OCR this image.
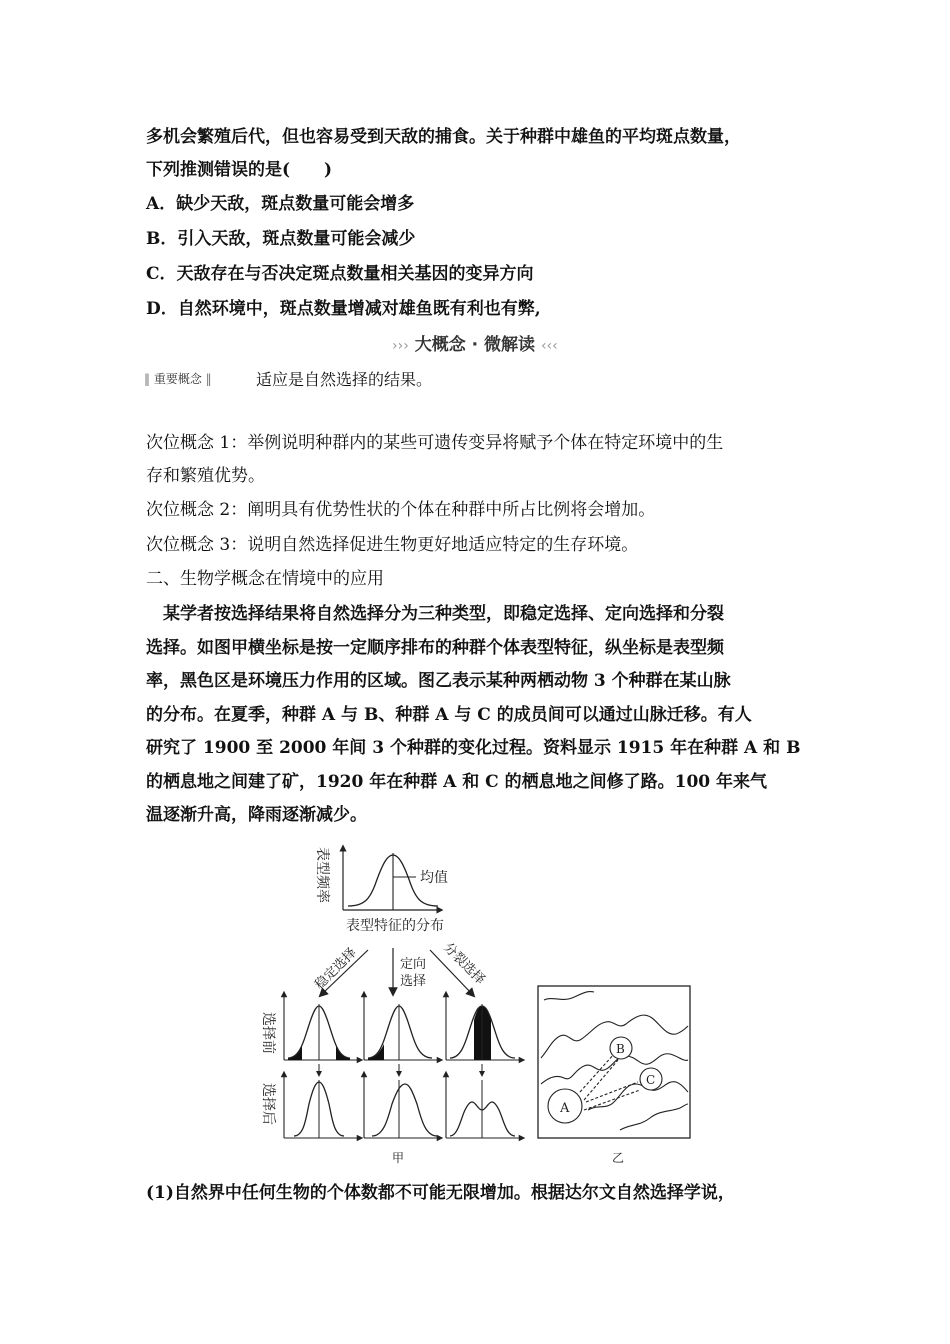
多机会繁殖后代，但也容易受到天敌的捕食。关于种群中雄鱼的平均斑点数量，
下列推测错误的是(　　)
A．缺少天敌，斑点数量可能会增多
B．引入天敌，斑点数量可能会减少
C．天敌存在与否决定斑点数量相关基因的变异方向
D．自然环境中，斑点数量增减对雄鱼既有利也有弊,
››› 大概念 · 微解读 ‹‹‹
‖ 重要概念 ‖	适应是自然选择的结果。
次位概念 1：举例说明种群内的某些可遗传变异将赋予个体在特定环境中的生
存和繁殖优势。
次位概念 2：阐明具有优势性状的个体在种群中所占比例将会增加。
次位概念 3：说明自然选择促进生物更好地适应特定的生存环境。
二、生物学概念在情境中的应用
　某学者按选择结果将自然选择分为三种类型，即稳定选择、定向选择和分裂
选择。如图甲横坐标是按一定顺序排布的种群个体表型特征，纵坐标是表型频
率，黑色区是环境压力作用的区域。图乙表示某种两栖动物 3 个种群在某山脉
的分布。在夏季，种群 A 与 B、种群 A 与 C 的成员间可以通过山脉迁移。有人
研究了 1900 至 2000 年间 3 个种群的变化过程。资料显示 1915 年在种群 A 和 B
的栖息地之间建了矿，1920 年在种群 A 和 C 的栖息地之间修了路。100 年来气
温逐渐升高，降雨逐渐减少。
表型频率	均值
表型特征的分布
稳定选择	定向
选择 分裂选择
选择前
选择后	A
B
C
甲	乙
(1)自然界中任何生物的个体数都不可能无限增加。根据达尔文自然选择学说，
